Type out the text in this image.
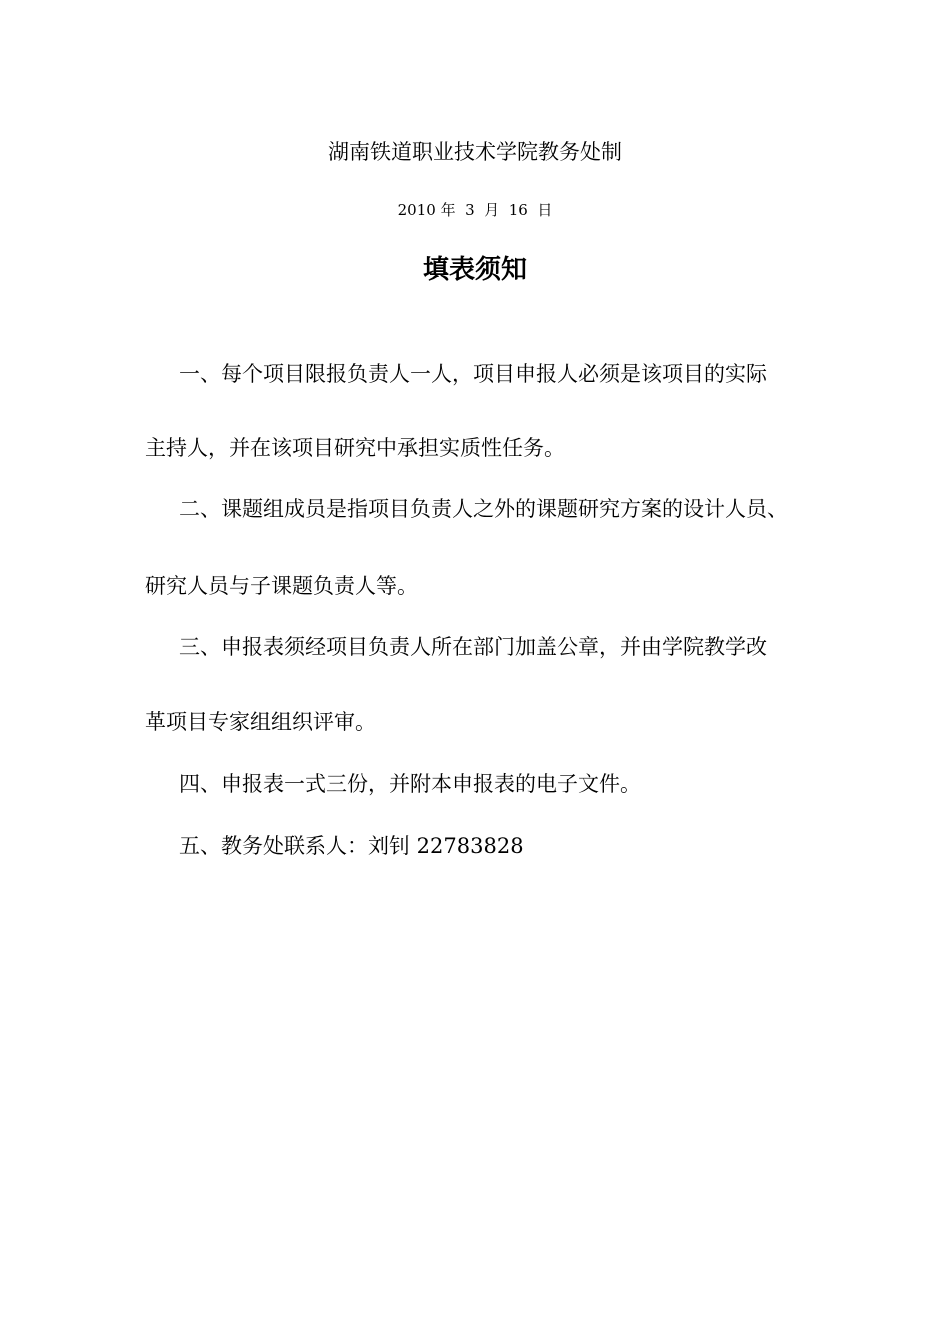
湖南铁道职业技术学院教务处制
2010 年  3  月  16  日
填表须知
一、每个项目限报负责人一人，项目申报人必须是该项目的实际
主持人，并在该项目研究中承担实质性任务。
二、课题组成员是指项目负责人之外的课题研究方案的设计人员、
研究人员与子课题负责人等。
三、申报表须经项目负责人所在部门加盖公章，并由学院教学改
革项目专家组组织评审。
四、申报表一式三份，并附本申报表的电子文件。
五、教务处联系人：刘钊 22783828
